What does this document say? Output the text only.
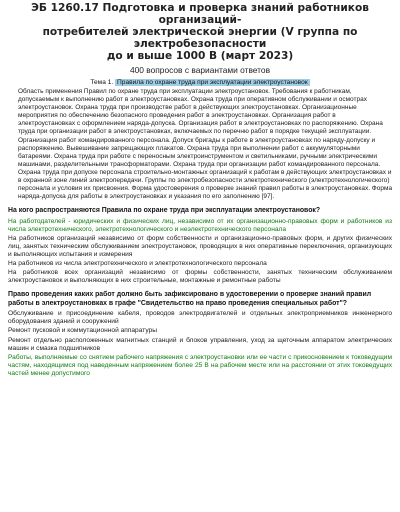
ЭБ 1260.17 Подготовка и проверка знаний работников организаций-
потребителей электрической энергии (V группа по электробезопасности
до и выше 1000 В (март 2023)
400 вопросов с вариантами ответов
Тема 1. Правила по охране труда при эксплуатации электроустановок
Область применения Правил по охране труда при эксплуатации электроустановок. Требования к работникам, допускаемым к выполнению работ в электроустановках. Охрана труда при оперативном обслуживании и осмотрах электроустановок. Охрана труда при производстве работ в действующих электроустановках. Организационные мероприятия по обеспечению безопасного проведения работ в электроустановках. Организация работ в электроустановках с оформлением наряда-допуска. Организация работ в электроустановках по распоряжению. Охрана труда при организации работ в электроустановках, включаемых по перечню работ в порядке текущей эксплуатации. Организация работ командированного персонала. Допуск бригады к работе в электроустановках по наряду-допуску и распоряжению. Вывешивание запрещающих плакатов. Охрана труда при выполнении работ с аккумуляторными батареями. Охрана труда при работе с переносным электроинструментом и светильниками, ручными электрическими машинами, разделительными трансформаторами. Охрана труда при организации работ командированного персонала. Охрана труда при допуске персонала строительно-монтажных организаций к работам в действующих электроустановках и в охранной зоне линий электропередачи. Группы по электробезопасности электротехнического (электротехнологического) персонала и условия их присвоения. Форма удостоверения о проверке знаний правил работы в электроустановках. Форма наряда-допуска для работы в электроустановках и указания по его заполнению [97].
На кого распространяются Правила по охране труда при эксплуатации электроустановок?
На работодателей - юридических и физических лиц, независимо от их организационно-правовых форм и работников из числа электротехнического, электротехнологического и неэлектротехнического персонала
На работников организаций независимо от форм собственности и организационно-правовых форм, и других физических лиц, занятых техническим обслуживанием электроустановок, проводящих в них оперативные переключения, организующих и выполняющих испытания и измерения
На работников из числа электротехнического и электротехнологического персонала
На работников всех организаций независимо от формы собственности, занятых техническим обслуживанием электроустановок и выполняющих в них строительные, монтажные и ремонтные работы
Право проведения каких работ должно быть зафиксировано в удостоверении о проверке знаний правил работы в электроустановках в графе "Свидетельство на право проведения специальных работ"?
Обслуживание и присоединение кабеля, проводов электродвигателей и отдельных электроприемников инженерного оборудования зданий и сооружений
Ремонт пусковой и коммутационной аппаратуры
Ремонт отдельно расположенных магнитных станций и блоков управления, уход за щеточным аппаратом электрических машин и смазка подшипников
Работы, выполняемые со снятием рабочего напряжения с электроустановки или ее части с прикосновением к токоведущим частям, находящимся под наведенным напряжением более 25 В на рабочем месте или на расстоянии от этих токоведущих частей менее допустимого
